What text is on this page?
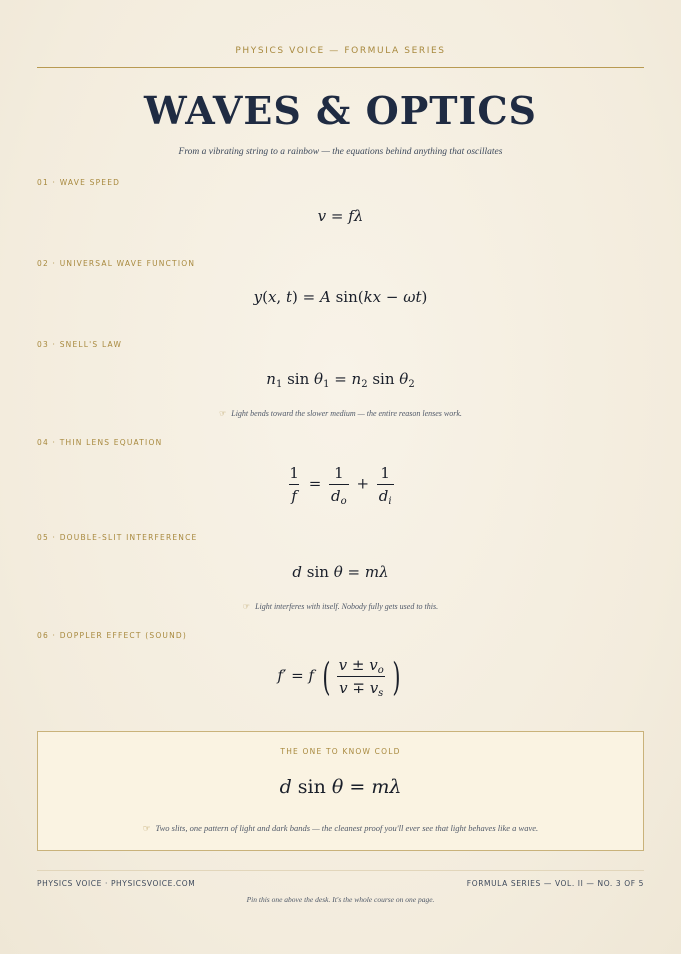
PHYSICS VOICE — FORMULA SERIES
WAVES & OPTICS
From a vibrating string to a rainbow — the equations behind anything that oscillates
01 · WAVE SPEED
v = fλ
02 · UNIVERSAL WAVE FUNCTION
y(x, t) = A sin(kx − ωt)
03 · SNELL'S LAW
$n_1$ $\sin \theta_1 = n_2$ $\sin \theta_2$
☞ Light bends toward the slower medium — the entire reason lenses work.
04 · THIN LENS EQUATION
$\frac{1}{f} = \frac{1}{d_o} + \frac{1}{d_i}$
05 · DOUBLE-SLIT INTERFERENCE
d sin θ = mλ
☞ Light interferes with itself. Nobody fully gets used to this.
06 · DOPPLER EFFECT (SOUND)
f′ = f ( $\frac{v \pm v_o}{v \mp v_s}$ )
THE ONE TO KNOW COLD
d sin θ = mλ
☞ Two slits, one pattern of light and dark bands — the cleanest proof you'll ever see that light behaves like a wave.
PHYSICS VOICE · PHYSICSVOICE.COM	FORMULA SERIES — VOL. II — NO. 3 OF 5
Pin this one above the desk. It's the whole course on one page.
